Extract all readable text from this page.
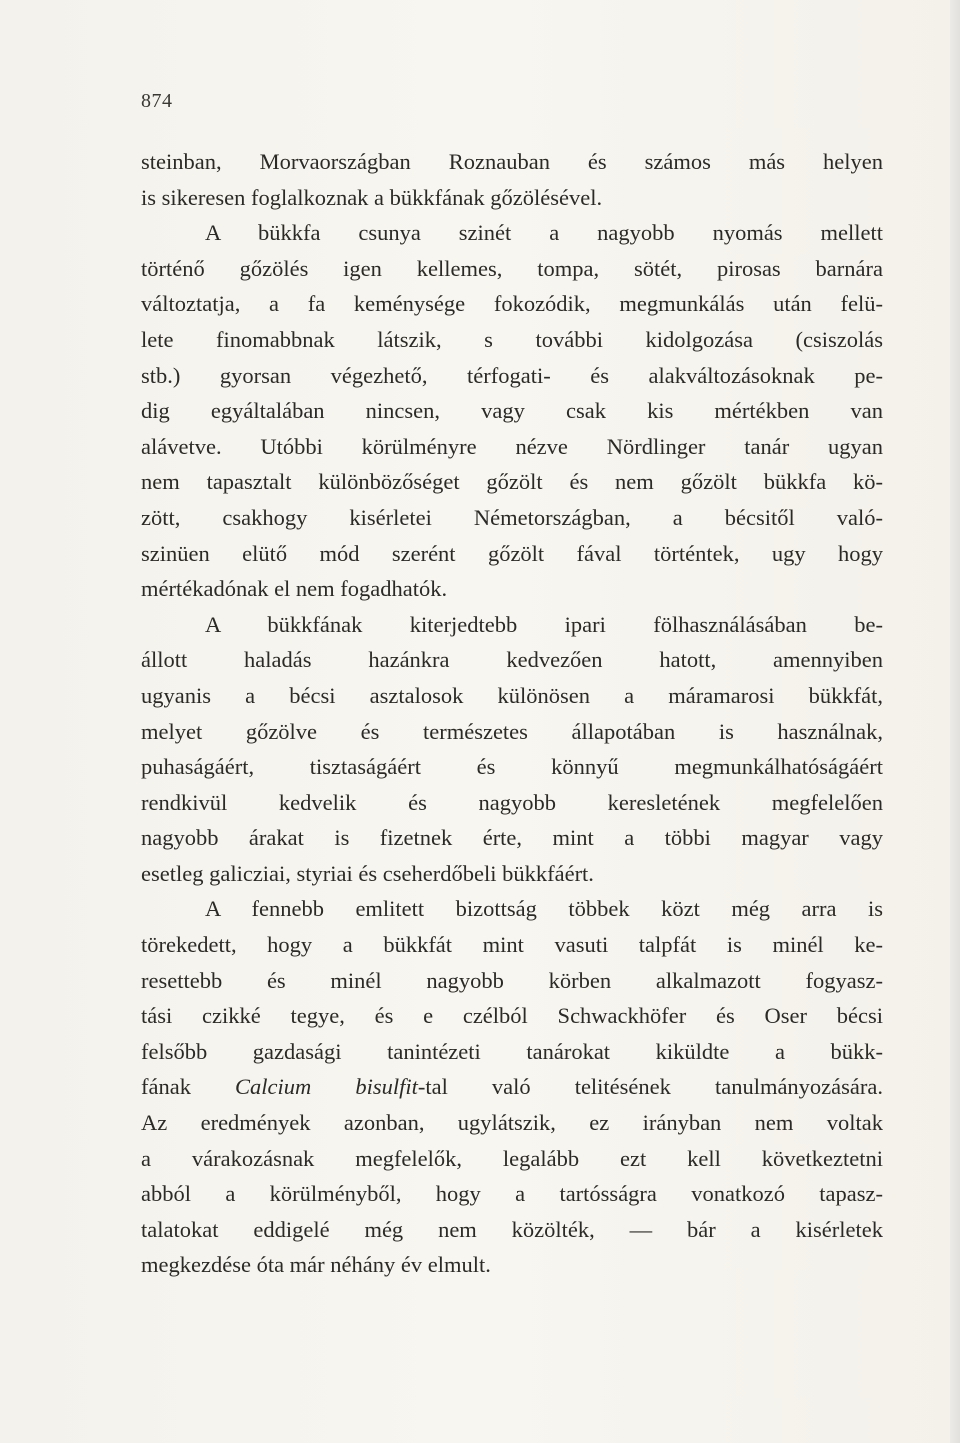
874
steinban, Morvaországban Roznauban és számos más helyen
is sikeresen foglalkoznak a bükkfának gőzölésével.
A bükkfa csunya szinét a nagyobb nyomás mellett
történő gőzölés igen kellemes, tompa, sötét, pirosas barnára
változtatja, a fa keménysége fokozódik, megmunkálás után felü-
lete finomabbnak látszik, s további kidolgozása (csiszolás
stb.) gyorsan végezhető, térfogati- és alakváltozásoknak pe-
dig egyáltalában nincsen, vagy csak kis mértékben van
alávetve. Utóbbi körülményre nézve Nördlinger tanár ugyan
nem tapasztalt különbözőséget gőzölt és nem gőzölt bükkfa kö-
zött, csakhogy kisérletei Németországban, a bécsitől való-
szinüen elütő mód szerént gőzölt fával történtek, ugy hogy
mértékadónak el nem fogadhatók.
A bükkfának kiterjedtebb ipari fölhasználásában be-
állott haladás hazánkra kedvezően hatott, amennyiben
ugyanis a bécsi asztalosok különösen a máramarosi bükkfát,
melyet gőzölve és természetes állapotában is használnak,
puhaságáért, tisztaságáért és könnyű megmunkálhatóságáért
rendkivül kedvelik és nagyobb keresletének megfelelően
nagyobb árakat is fizetnek érte, mint a többi magyar vagy
esetleg galicziai, styriai és cseherdőbeli bükkfáért.
A fennebb emlitett bizottság többek közt még arra is
törekedett, hogy a bükkfát mint vasuti talpfát is minél ke-
resettebb és minél nagyobb körben alkalmazott fogyasz-
tási czikké tegye, és e czélból Schwackhöfer és Oser bécsi
felsőbb gazdasági tanintézeti tanárokat kiküldte a bükk-
fának Calcium bisulfit-tal való telitésének tanulmányozására.
Az eredmények azonban, ugylátszik, ez irányban nem voltak
a várakozásnak megfelelők, legalább ezt kell következtetni
abból a körülményből, hogy a tartósságra vonatkozó tapasz-
talatokat eddigelé még nem közölték, — bár a kisérletek
megkezdése óta már néhány év elmult.
